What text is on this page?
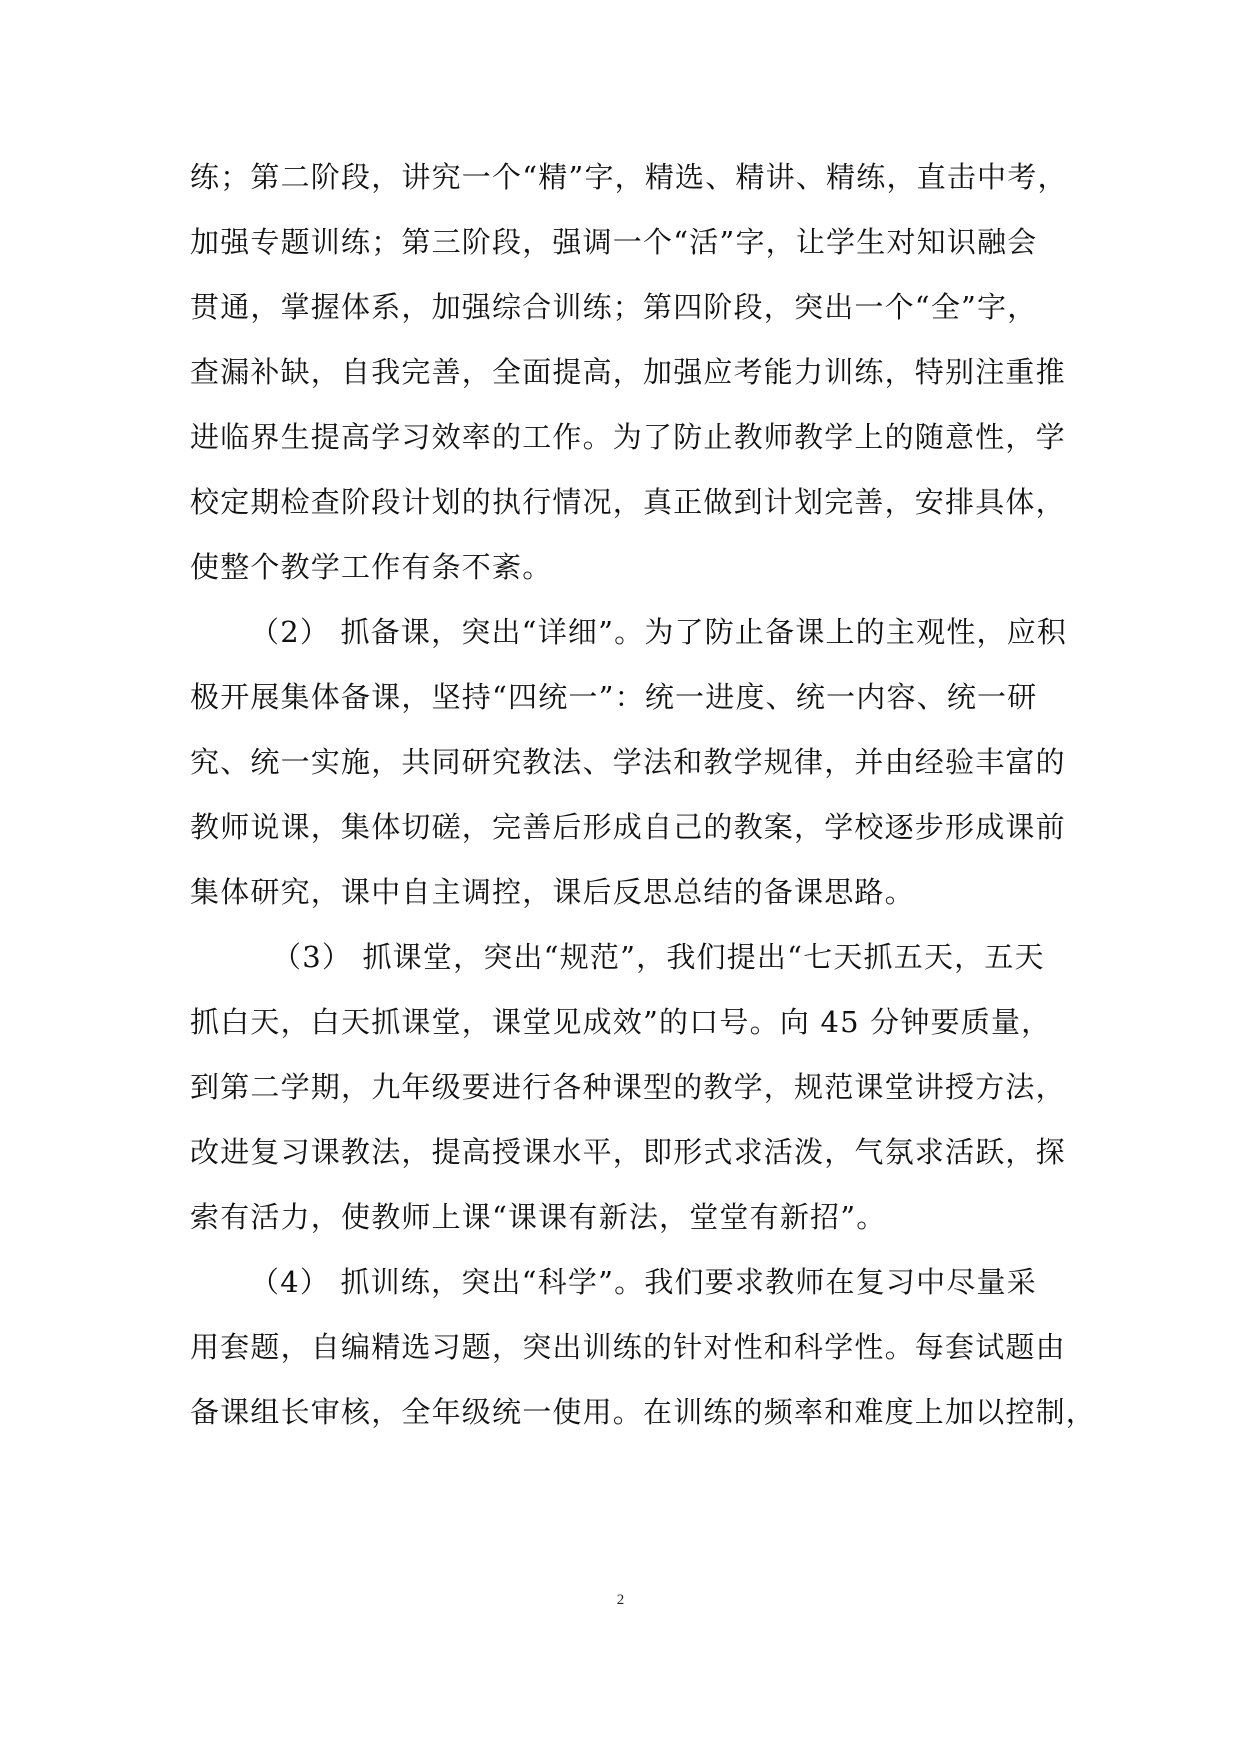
练；第二阶段，讲究一个“精”字，精选、精讲、精练，直击中考，
加强专题训练；第三阶段，强调一个“活”字，让学生对知识融会
贯通，掌握体系，加强综合训练；第四阶段，突出一个“全”字，
查漏补缺，自我完善，全面提高，加强应考能力训练，特别注重推
进临界生提高学习效率的工作。为了防止教师教学上的随意性，学
校定期检查阶段计划的执行情况，真正做到计划完善，安排具体，
使整个教学工作有条不紊。
（2） 抓备课，突出“详细”。为了防止备课上的主观性，应积
极开展集体备课，坚持“四统一”：统一进度、统一内容、统一研
究、统一实施，共同研究教法、学法和教学规律，并由经验丰富的
教师说课，集体切磋，完善后形成自己的教案，学校逐步形成课前
集体研究，课中自主调控，课后反思总结的备课思路。
（3） 抓课堂，突出“规范”，我们提出“七天抓五天，五天
抓白天，白天抓课堂，课堂见成效”的口号。向 45 分钟要质量，
到第二学期，九年级要进行各种课型的教学，规范课堂讲授方法，
改进复习课教法，提高授课水平，即形式求活泼，气氛求活跃，探
索有活力，使教师上课“课课有新法，堂堂有新招”。
（4） 抓训练，突出“科学”。我们要求教师在复习中尽量采
用套题，自编精选习题，突出训练的针对性和科学性。每套试题由
备课组长审核，全年级统一使用。在训练的频率和难度上加以控制，
2
